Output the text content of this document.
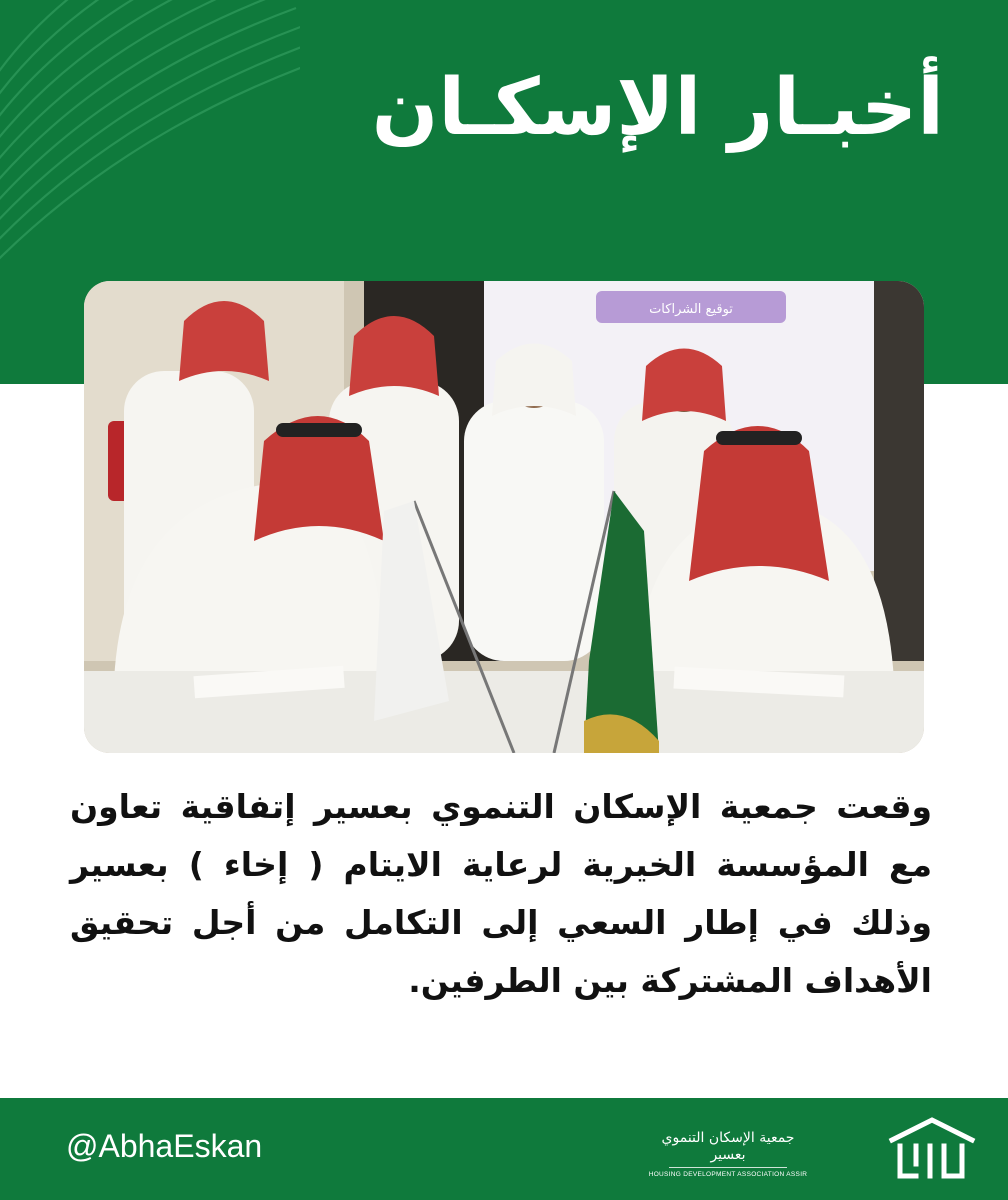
أخبـار الإسكـان
توقيع الشراكات

وقعت جمعية الإسكان التنموي بعسير إتفاقية تعاون مع المؤسسة الخيرية لرعاية الايتام ( إخاء ) بعسير وذلك في إطار السعي إلى التكامل من أجل تحقيق الأهداف المشتركة بين الطرفين.

@AbhaEskan	جمعية الإسكان التنموي
بعسير
HOUSING DEVELOPMENT ASSOCIATION ASSIR
